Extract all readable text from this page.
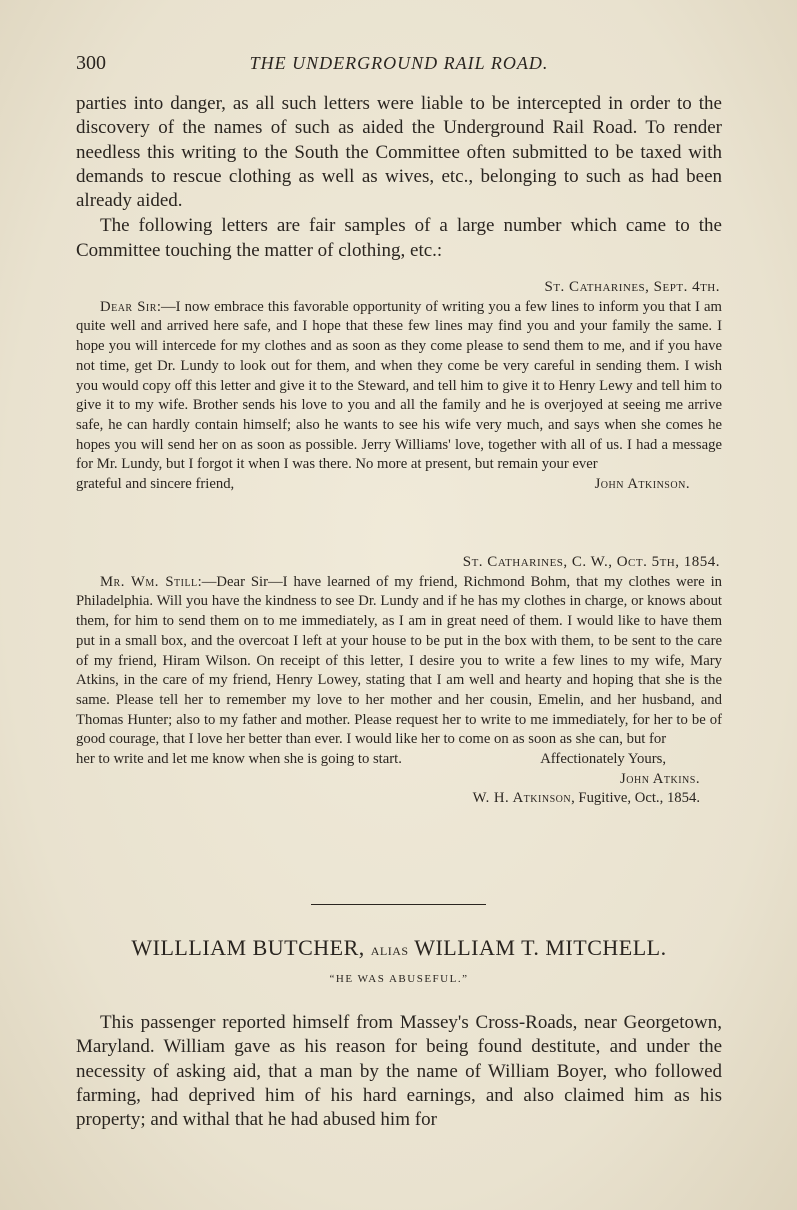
300	THE UNDERGROUND RAIL ROAD.

parties into danger, as all such letters were liable to be intercepted in order to the discovery of the names of such as aided the Underground Rail Road. To render needless this writing to the South the Committee often submitted to be taxed with demands to rescue clothing as well as wives, etc., belonging to such as had been already aided.

The following letters are fair samples of a large number which came to the Committee touching the matter of clothing, etc.:

St. Catharines, Sept. 4th.

Dear Sir:—I now embrace this favorable opportunity of writing you a few lines to inform you that I am quite well and arrived here safe, and I hope that these few lines may find you and your family the same. I hope you will intercede for my clothes and as soon as they come please to send them to me, and if you have not time, get Dr. Lundy to look out for them, and when they come be very careful in sending them. I wish you would copy off this letter and give it to the Steward, and tell him to give it to Henry Lewy and tell him to give it to my wife. Brother sends his love to you and all the family and he is overjoyed at seeing me arrive safe, he can hardly contain himself; also he wants to see his wife very much, and says when she comes he hopes you will send her on as soon as possible. Jerry Williams' love, together with all of us. I had a message for Mr. Lundy, but I forgot it when I was there. No more at present, but remain your ever

grateful and sincere friend,	John Atkinson.
St. Catharines, C. W., Oct. 5th, 1854.

Mr. Wm. Still:—Dear Sir—I have learned of my friend, Richmond Bohm, that my clothes were in Philadelphia. Will you have the kindness to see Dr. Lundy and if he has my clothes in charge, or knows about them, for him to send them on to me immediately, as I am in great need of them. I would like to have them put in a small box, and the overcoat I left at your house to be put in the box with them, to be sent to the care of my friend, Hiram Wilson. On receipt of this letter, I desire you to write a few lines to my wife, Mary Atkins, in the care of my friend, Henry Lowey, stating that I am well and hearty and hoping that she is the same. Please tell her to remember my love to her mother and her cousin, Emelin, and her husband, and Thomas Hunter; also to my father and mother. Please request her to write to me immediately, for her to be of good courage, that I love her better than ever. I would like her to come on as soon as she can, but for

her to write and let me know when she is going to start.	Affectionately Yours,
John Atkins.
W. H. Atkinson, Fugitive, Oct., 1854.
WILLLIAM BUTCHER, alias WILLIAM T. MITCHELL.
“HE WAS ABUSEFUL.”

This passenger reported himself from Massey's Cross-Roads, near Georgetown, Maryland. William gave as his reason for being found destitute, and under the necessity of asking aid, that a man by the name of William Boyer, who followed farming, had deprived him of his hard earnings, and also claimed him as his property; and withal that he had abused him for
